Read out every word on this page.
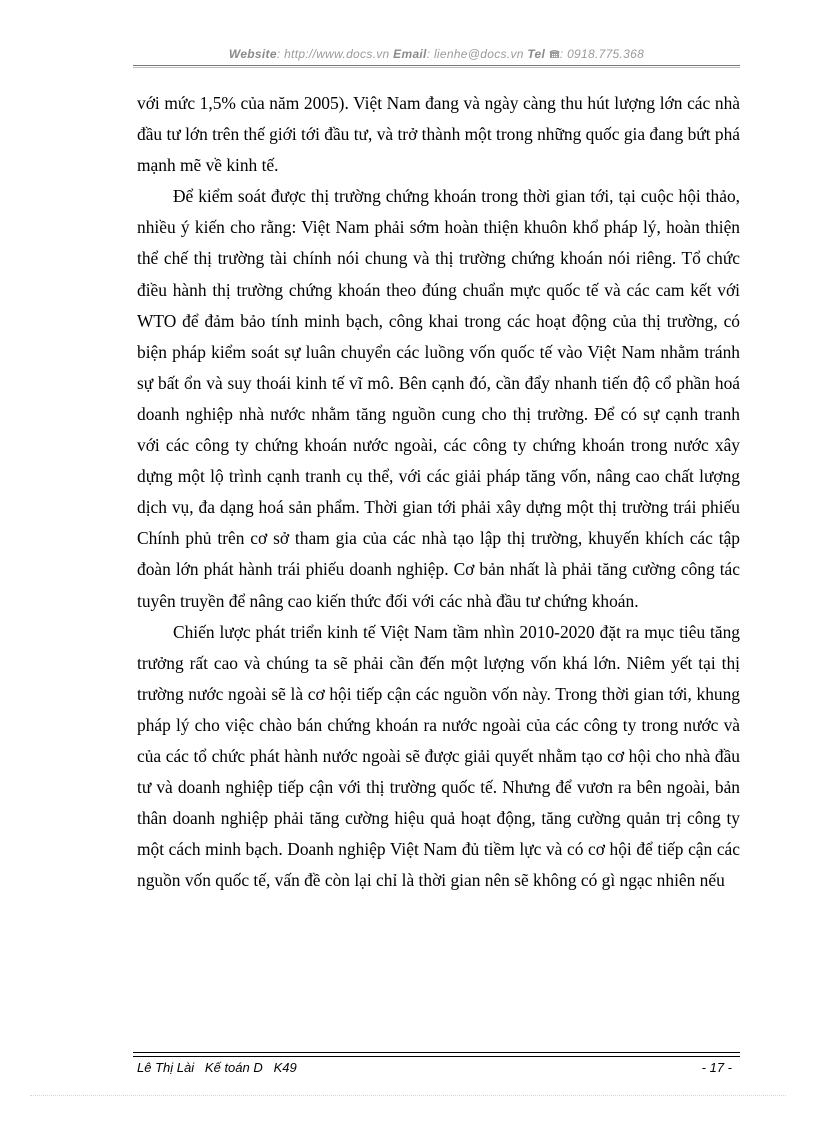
Website: http://www.docs.vn Email: lienhe@docs.vn Tel : 0918.775.368

với mức 1,5% của năm 2005). Việt Nam đang và ngày càng thu hút lượng lớn các nhà đầu tư lớn trên thế giới tới đầu tư, và trở thành một trong những quốc gia đang bứt phá mạnh mẽ về kinh tế.

Để kiểm soát được thị trường chứng khoán trong thời gian tới, tại cuộc hội thảo, nhiều ý kiến cho rằng: Việt Nam phải sớm hoàn thiện khuôn khổ pháp lý, hoàn thiện thể chế thị trường tài chính nói chung và thị trường chứng khoán nói riêng. Tổ chức điều hành thị trường chứng khoán theo đúng chuẩn mực quốc tế và các cam kết với WTO để đảm bảo tính minh bạch, công khai trong các hoạt động của thị trường, có biện pháp kiểm soát sự luân chuyển các luồng vốn quốc tế vào Việt Nam nhằm tránh sự bất ổn và suy thoái kinh tế vĩ mô. Bên cạnh đó, cần đẩy nhanh tiến độ cổ phần hoá doanh nghiệp nhà nước nhằm tăng nguồn cung cho thị trường. Để có sự cạnh tranh với các công ty chứng khoán nước ngoài, các công ty chứng khoán trong nước xây dựng một lộ trình cạnh tranh cụ thể, với các giải pháp tăng vốn, nâng cao chất lượng dịch vụ, đa dạng hoá sản phẩm. Thời gian tới phải xây dựng một thị trường trái phiếu Chính phủ trên cơ sở tham gia của các nhà tạo lập thị trường, khuyến khích các tập đoàn lớn phát hành trái phiếu doanh nghiệp. Cơ bản nhất là phải tăng cường công tác tuyên truyền để nâng cao kiến thức đối với các nhà đầu tư chứng khoán.

Chiến lược phát triển kinh tế Việt Nam tầm nhìn 2010-2020 đặt ra mục tiêu tăng trưởng rất cao và chúng ta sẽ phải cần đến một lượng vốn khá lớn. Niêm yết tại thị trường nước ngoài sẽ là cơ hội tiếp cận các nguồn vốn này. Trong thời gian tới, khung pháp lý cho việc chào bán chứng khoán ra nước ngoài của các công ty trong nước và của các tổ chức phát hành nước ngoài sẽ được giải quyết nhằm tạo cơ hội cho nhà đầu tư và doanh nghiệp tiếp cận với thị trường quốc tế. Nhưng để vươn ra bên ngoài, bản thân doanh nghiệp phải tăng cường hiệu quả hoạt động, tăng cường quản trị công ty một cách minh bạch. Doanh nghiệp Việt Nam đủ tiềm lực và có cơ hội để tiếp cận các nguồn vốn quốc tế, vấn đề còn lại chỉ là thời gian nên sẽ không có gì ngạc nhiên nếu

Lê Thị Lài   Kế toán D   K49	- 17 -
